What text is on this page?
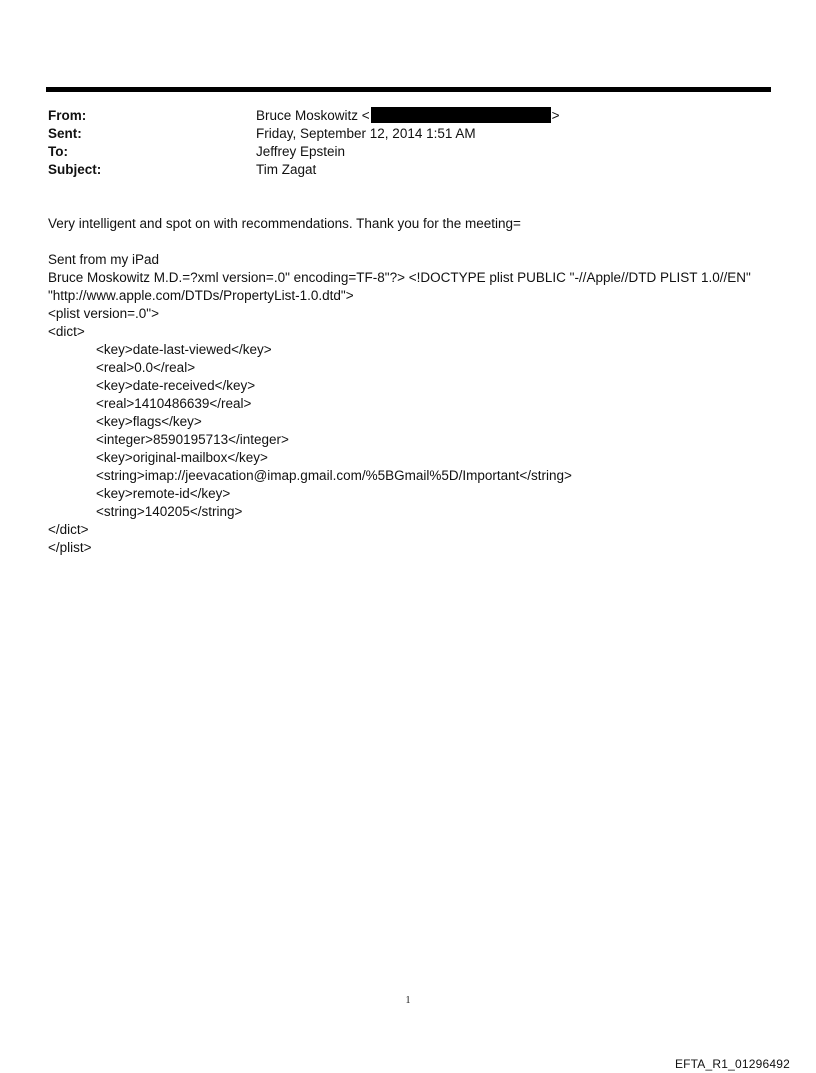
From:	Bruce Moskowitz <	>
Sent:	Friday, September 12, 2014 1:51 AM
To:	Jeffrey Epstein
Subject:	Tim Zagat
Very intelligent and spot on with recommendations. Thank you for the meeting=
Sent from my iPad
Bruce Moskowitz M.D.=?xml version=.0" encoding=TF-8"?> <!DOCTYPE plist PUBLIC "-//Apple//DTD PLIST 1.0//EN"
"http://www.apple.com/DTDs/PropertyList-1.0.dtd">
<plist version=.0">
<dict>
<key>date-last-viewed</key>
<real>0.0</real>
<key>date-received</key>
<real>1410486639</real>
<key>flags</key>
<integer>8590195713</integer>
<key>original-mailbox</key>
<string>imap://jeevacation@imap.gmail.com/%5BGmail%5D/Important</string>
<key>remote-id</key>
<string>140205</string>
</dict>
</plist>
1
EFTA_R1_01296492
